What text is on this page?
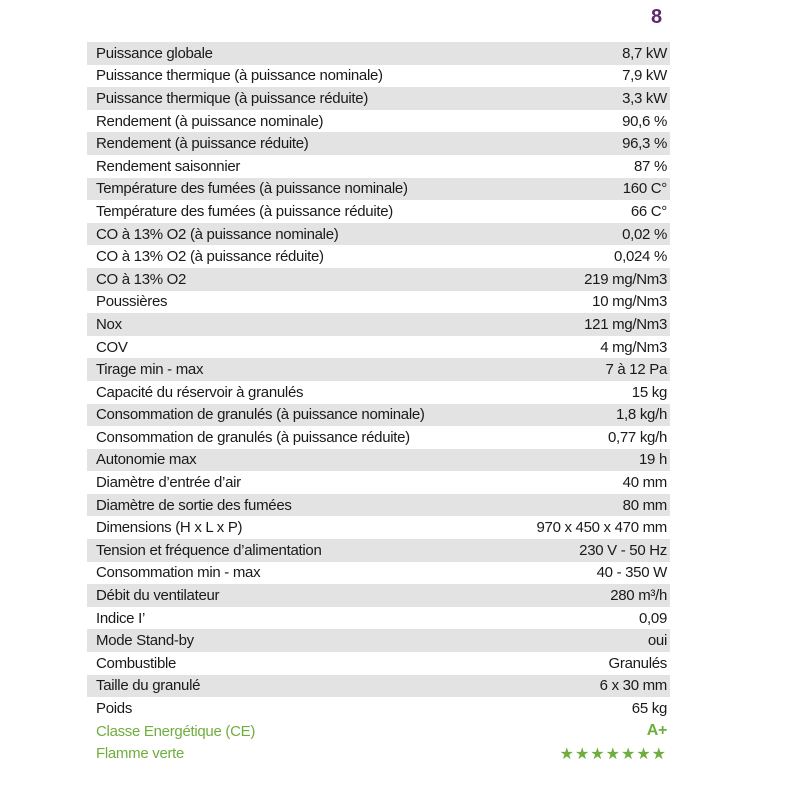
8
Puissance globale	8,7 kW
Puissance thermique (à puissance nominale)	7,9 kW
Puissance thermique (à puissance réduite)	3,3 kW
Rendement (à puissance nominale)	90,6 %
Rendement (à puissance réduite)	96,3 %
Rendement saisonnier	87 %
Température des fumées (à puissance nominale)	160 C°
Température des fumées (à puissance réduite)	66 C°
CO à 13% O2 (à puissance nominale)	0,02 %
CO à 13% O2 (à puissance réduite)	0,024 %
CO à 13% O2	219 mg/Nm3
Poussières	10 mg/Nm3
Nox	121 mg/Nm3
COV	4 mg/Nm3
Tirage min - max	7 à 12 Pa
Capacité du réservoir à granulés	15 kg
Consommation de granulés (à puissance nominale)	1,8 kg/h
Consommation de granulés (à puissance réduite)	0,77 kg/h
Autonomie max	19 h
Diamètre d’entrée d’air	40 mm
Diamètre de sortie des fumées	80 mm
Dimensions (H x L x P)	970 x 450 x 470 mm
Tension et fréquence d’alimentation	230 V - 50 Hz
Consommation min - max	40 - 350 W
Débit du ventilateur	280 m³/h
Indice I’	0,09
Mode Stand-by	oui
Combustible	Granulés
Taille du granulé	6 x 30 mm
Poids	65 kg
Classe Energétique (CE)	A+
Flamme verte	★★★★★★★
